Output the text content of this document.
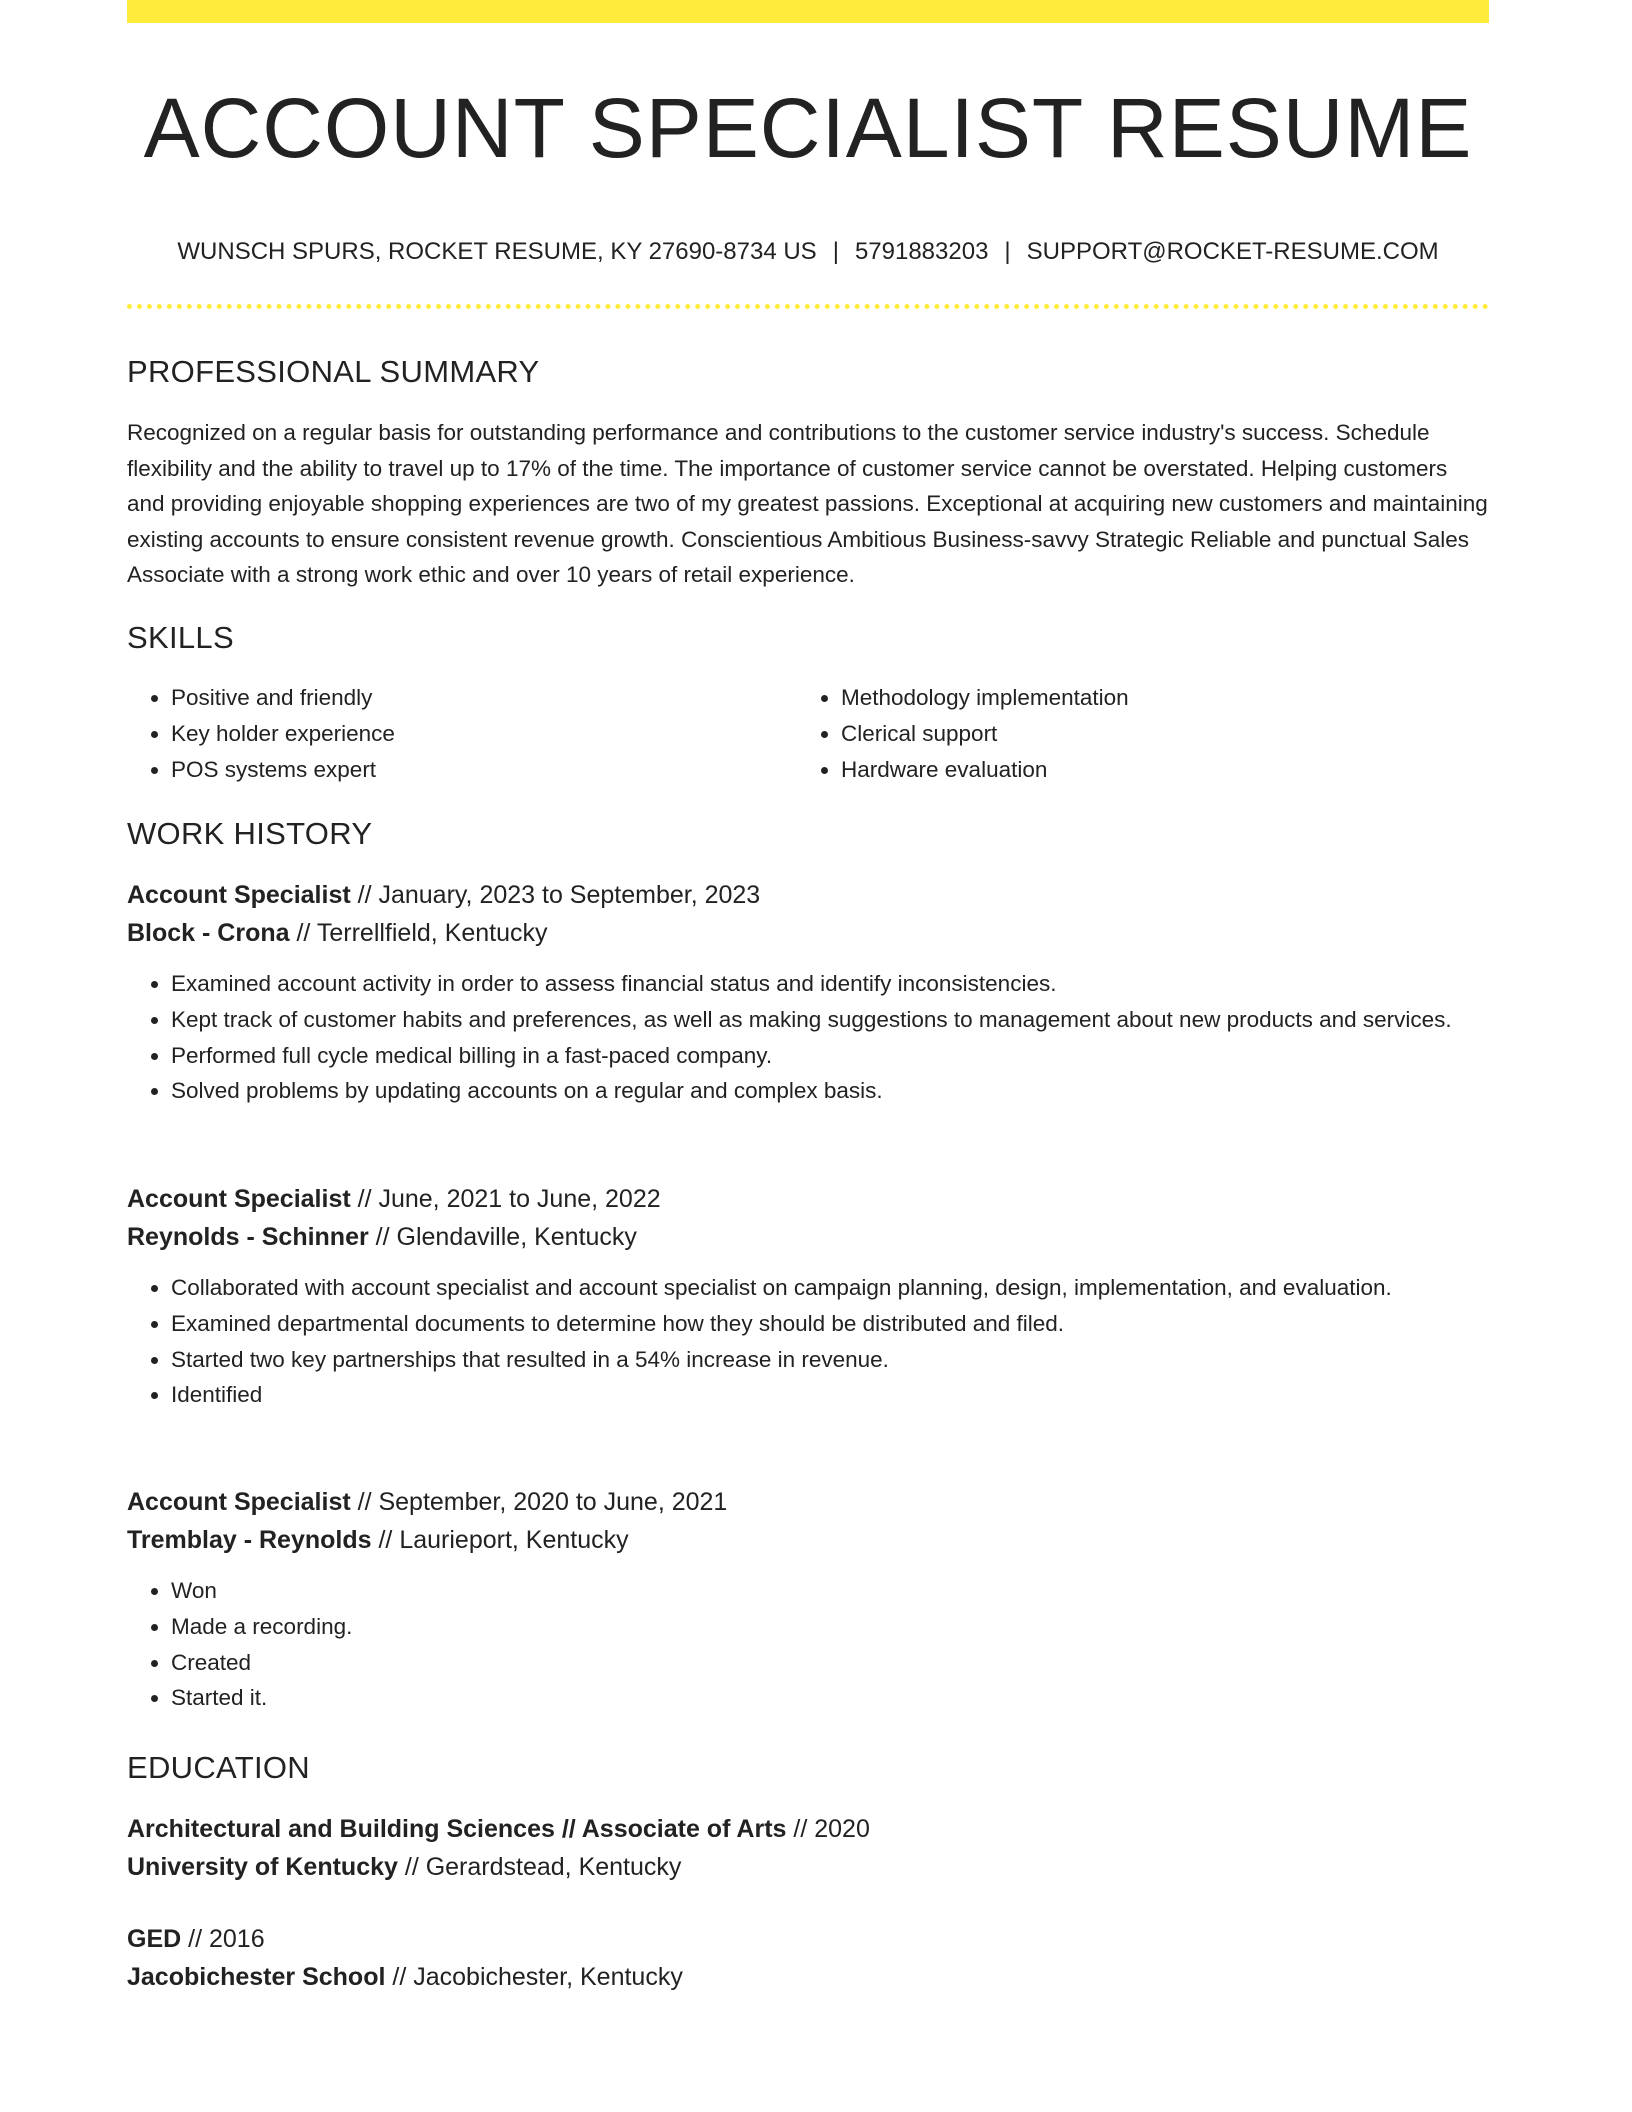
ACCOUNT SPECIALIST RESUME
WUNSCH SPURS, ROCKET RESUME, KY 27690-8734 US | 5791883203 | SUPPORT@ROCKET-RESUME.COM
PROFESSIONAL SUMMARY

Recognized on a regular basis for outstanding performance and contributions to the customer service industry's success. Schedule flexibility and the ability to travel up to 17% of the time. The importance of customer service cannot be overstated. Helping customers and providing enjoyable shopping experiences are two of my greatest passions. Exceptional at acquiring new customers and maintaining existing accounts to ensure consistent revenue growth. Conscientious Ambitious Business-savvy Strategic Reliable and punctual Sales Associate with a strong work ethic and over 10 years of retail experience.

SKILLS
• Positive and friendly
• Key holder experience
• POS systems expert
• Methodology implementation
• Clerical support
• Hardware evaluation
WORK HISTORY
Account Specialist // January, 2023 to September, 2023
Block - Crona // Terrellfield, Kentucky
• Examined account activity in order to assess financial status and identify inconsistencies.
• Kept track of customer habits and preferences, as well as making suggestions to management about new products and services.
• Performed full cycle medical billing in a fast-paced company.
• Solved problems by updating accounts on a regular and complex basis.
Account Specialist // June, 2021 to June, 2022
Reynolds - Schinner // Glendaville, Kentucky
• Collaborated with account specialist and account specialist on campaign planning, design, implementation, and evaluation.
• Examined departmental documents to determine how they should be distributed and filed.
• Started two key partnerships that resulted in a 54% increase in revenue.
• Identified
Account Specialist // September, 2020 to June, 2021
Tremblay - Reynolds // Laurieport, Kentucky
• Won
• Made a recording.
• Created
• Started it.
EDUCATION
Architectural and Building Sciences // Associate of Arts // 2020
University of Kentucky // Gerardstead, Kentucky
GED // 2016
Jacobichester School // Jacobichester, Kentucky
